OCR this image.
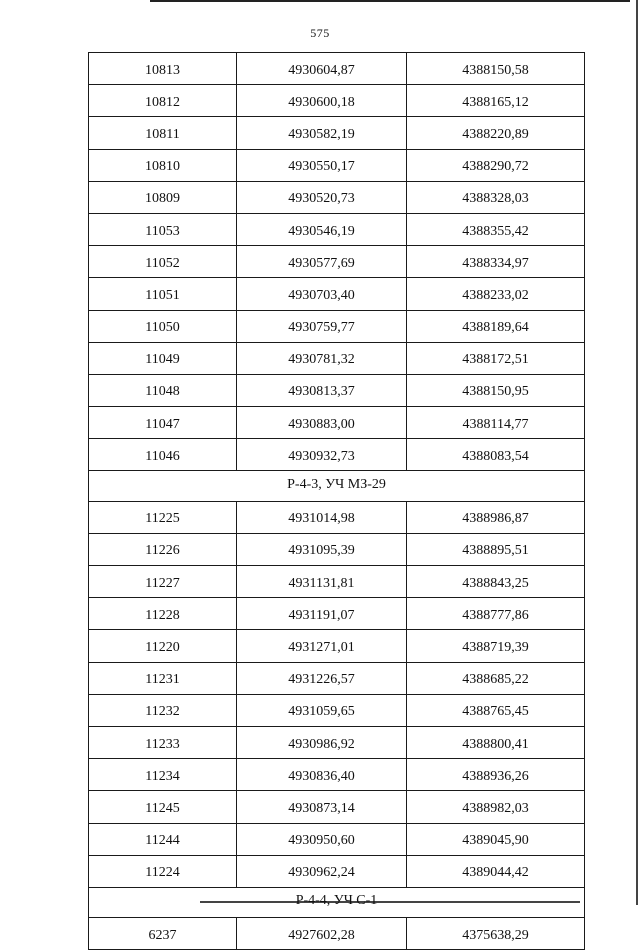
575
10813	4930604,87	4388150,58
10812	4930600,18	4388165,12
10811	4930582,19	4388220,89
10810	4930550,17	4388290,72
10809	4930520,73	4388328,03
11053	4930546,19	4388355,42
11052	4930577,69	4388334,97
11051	4930703,40	4388233,02
11050	4930759,77	4388189,64
11049	4930781,32	4388172,51
11048	4930813,37	4388150,95
11047	4930883,00	4388114,77
11046	4930932,73	4388083,54
Р-4-3, УЧ МЗ-29		
11225	4931014,98	4388986,87
11226	4931095,39	4388895,51
11227	4931131,81	4388843,25
11228	4931191,07	4388777,86
11220	4931271,01	4388719,39
11231	4931226,57	4388685,22
11232	4931059,65	4388765,45
11233	4930986,92	4388800,41
11234	4930836,40	4388936,26
11245	4930873,14	4388982,03
11244	4930950,60	4389045,90
11224	4930962,24	4389044,42
Р-4-4, УЧ С-1		
6237	4927602,28	4375638,29
